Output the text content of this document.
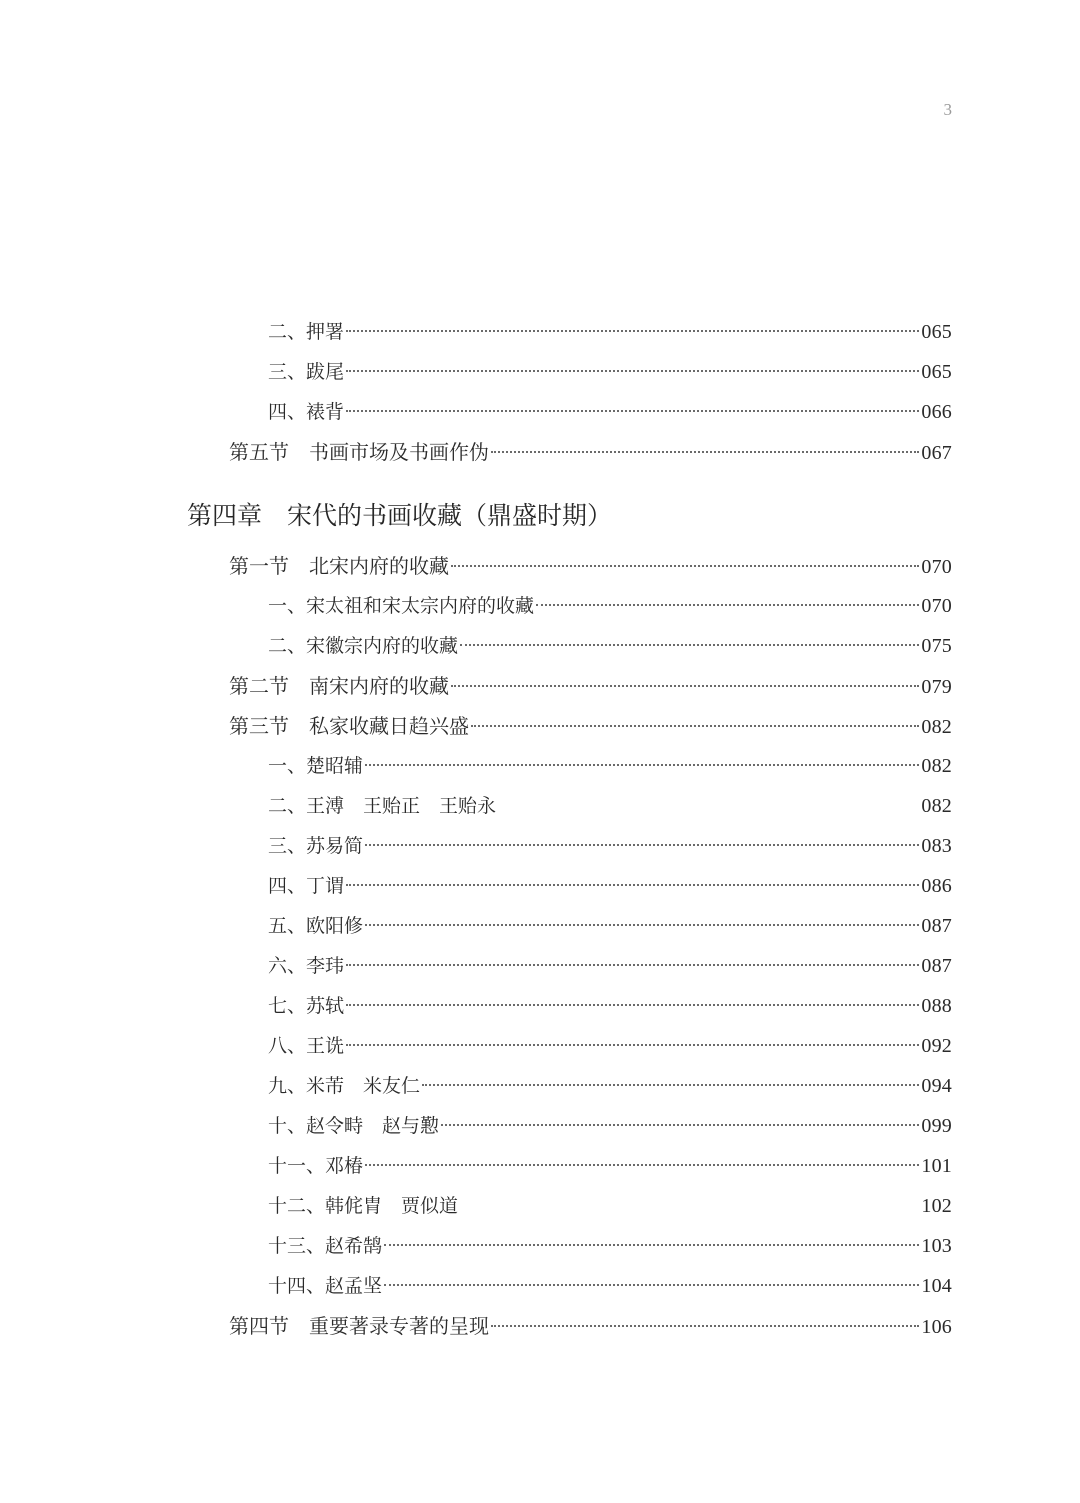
3
二、押署	065
三、跋尾	065
四、裱背	066
第五节　书画市场及书画作伪	067
第四章　宋代的书画收藏（鼎盛时期）
第一节　北宋内府的收藏	070
一、宋太祖和宋太宗内府的收藏	070
二、宋徽宗内府的收藏	075
第二节　南宋内府的收藏	079
第三节　私家收藏日趋兴盛	082
一、楚昭辅	082
二、王溥　王贻正　王贻永	082
三、苏易简	083
四、丁谓	086
五、欧阳修	087
六、李玮	087
七、苏轼	088
八、王诜	092
九、米芾　米友仁	094
十、赵令畤　赵与懃	099
十一、邓椿	101
十二、韩侂胄　贾似道	102
十三、赵希鹄	103
十四、赵孟坚	104
第四节　重要著录专著的呈现	106
